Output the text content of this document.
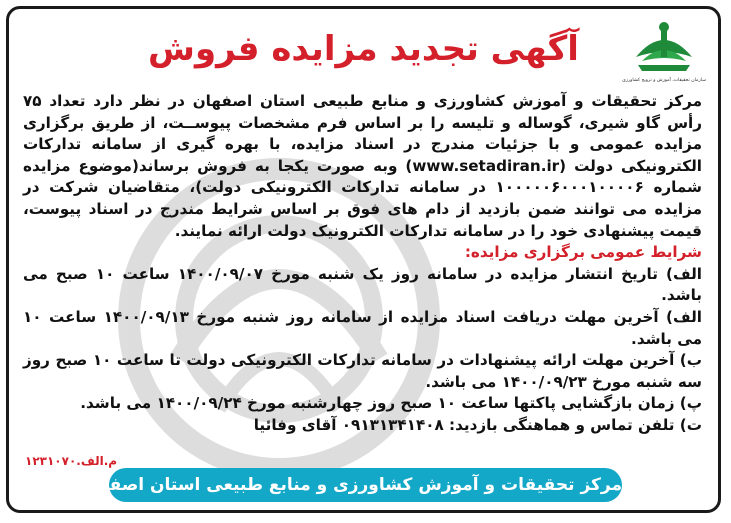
سازمان تحقیقات، آموزش و ترویج کشاورزی
آگهی تجدید مزایده فروش

مرکز تحقیقات و آموزش کشاورزی و منابع طبیعی استان اصفهان در نظر دارد تعداد ۷۵ رأس گاو شیری، گوساله و تلیسه را بر اساس فرم مشخصات پیوســت، از طریق برگزاری مزایده عمومی و با جزئیات مندرج در اسناد مزایده، با بهره گیری از سامانه تدارکات الکترونیکی دولت (www.setadiran.ir) وبه صورت یکجا به فروش برساند(موضوع مزایده شماره ۱۰۰۰۰۰۶۰۰۰۱۰۰۰۰۶ در سامانه تدارکات الکترونیکی دولت)، متقاضیان شرکت در مزایده می توانند ضمن بازدید از دام های فوق بر اساس شرایط مندرج در اسناد پیوست، قیمت پیشنهادی خود را در سامانه تدارکات الکترونیک دولت ارائه نمایند.

شرایط عمومی برگزاری مزایده:

الف) تاریخ انتشار مزایده در سامانه روز یک شنبه مورخ ۱۴۰۰/۰۹/۰۷ ساعت ۱۰ صبح می باشد.

الف) آخرین مهلت دریافت اسناد مزایده از سامانه روز شنبه مورخ ۱۴۰۰/۰۹/۱۳ ساعت ۱۰ می باشد.

ب) آخرین مهلت ارائه پیشنهادات در سامانه تدارکات الکترونیکی دولت تا ساعت ۱۰ صبح روز سه شنبه مورخ ۱۴۰۰/۰۹/۲۳ می باشد.

پ) زمان بازگشایی پاکتها ساعت ۱۰ صبح روز چهارشنبه مورخ ۱۴۰۰/۰۹/۲۴ می باشد.

ت) تلفن تماس و هماهنگی بازدید: ۰۹۱۳۱۳۴۱۴۰۸ آقای وفائیا

م.الف.۱۲۳۱۰۷۰
مرکز تحقیقات و آموزش کشاورزی و منابع طبیعی استان اصفهان
